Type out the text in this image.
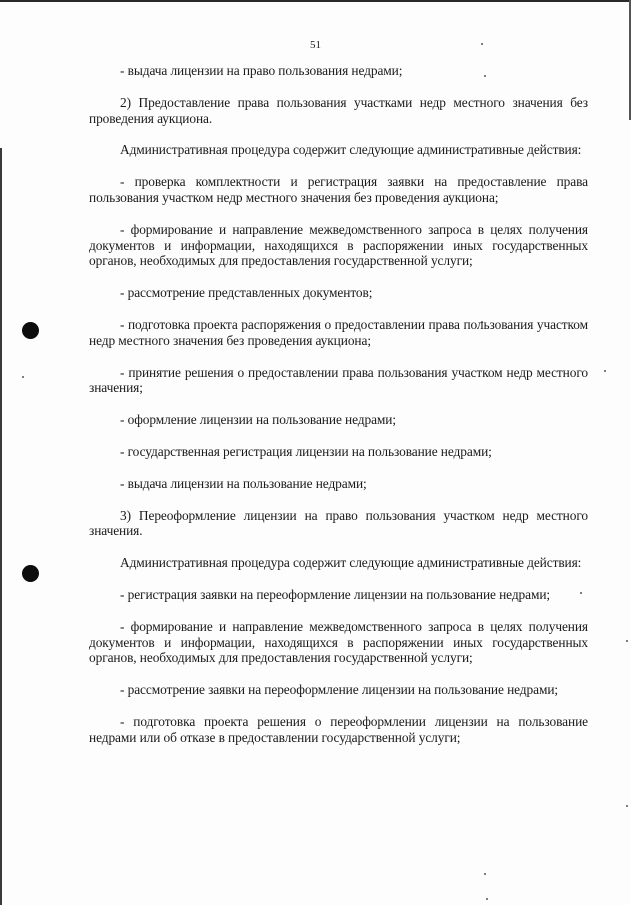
51

- выдача лицензии на право пользования недрами;

2) Предоставление права пользования участками недр местного значения без проведения аукциона.

Административная процедура содержит следующие административные действия:

- проверка комплектности и регистрация заявки на предоставление права пользования участком недр местного значения без проведения аукциона;

- формирование и направление межведомственного запроса в целях получения документов и информации, находящихся в распоряжении иных государственных органов, необходимых для предоставления государственной услуги;

- рассмотрение представленных документов;

- подготовка проекта распоряжения о предоставлении права пользования участком недр местного значения без проведения аукциона;

- принятие решения о предоставлении права пользования участком недр местного значения;

- оформление лицензии на пользование недрами;

- государственная регистрация лицензии на пользование недрами;

- выдача лицензии на пользование недрами;

3) Переоформление лицензии на право пользования участком недр местного значения.

Административная процедура содержит следующие административные действия:

- регистрация заявки на переоформление лицензии на пользование недрами;

- формирование и направление межведомственного запроса в целях получения документов и информации, находящихся в распоряжении иных государственных органов, необходимых для предоставления государственной услуги;

- рассмотрение заявки на переоформление лицензии на пользование недрами;

- подготовка проекта решения о переоформлении лицензии на пользование недрами или об отказе в предоставлении государственной услуги;
